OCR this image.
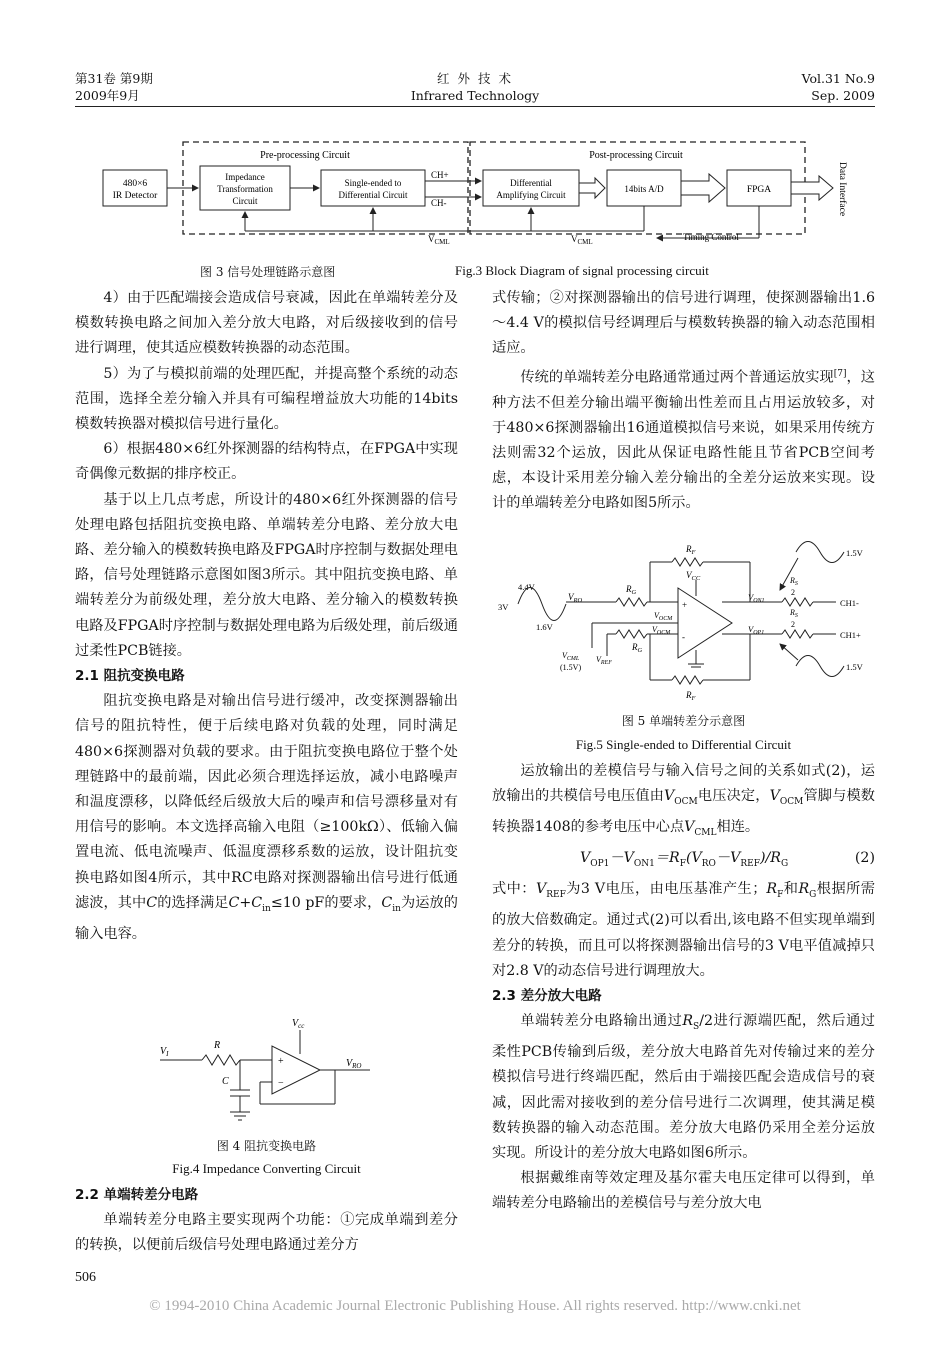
第31卷 第9期
2009年9月
红 外 技 术
Infrared Technology
Vol.31 No.9
Sep. 2009
Pre-processing Circuit	Post-processing Circuit
480×6
IR Detector
Impedance
Transformation
Circuit
Single-ended to
Differential Circuit
CH+
CH-
Differential
Amplifying Circuit
14bits A/D	FPGA	Data Interface
$V_{CML}$	$V_{CML}$	Timing Control
图 3 信号处理链路示意图	Fig.3 Block Diagram of signal processing circuit

4）由于匹配端接会造成信号衰减，因此在单端转差分及模数转换电路之间加入差分放大电路，对后级接收到的信号进行调理，使其适应模数转换器的动态范围。

5）为了与模拟前端的处理匹配，并提高整个系统的动态范围，选择全差分输入并具有可编程增益放大功能的14bits模数转换器对模拟信号进行量化。

6）根据480×6红外探测器的结构特点，在FPGA中实现奇偶像元数据的排序校正。

基于以上几点考虑，所设计的480×6红外探测器的信号处理电路包括阻抗变换电路、单端转差分电路、差分放大电路、差分输入的模数转换电路及FPGA时序控制与数据处理电路，信号处理链路示意图如图3所示。其中阻抗变换电路、单端转差分为前级处理，差分放大电路、差分输入的模数转换电路及FPGA时序控制与数据处理电路为后级处理，前后级通过柔性PCB链接。

2.1 阻抗变换电路

阻抗变换电路是对输出信号进行缓冲，改变探测器输出信号的阻抗特性，便于后续电路对负载的处理，同时满足480×6探测器对负载的要求。由于阻抗变换电路位于整个处理链路中的最前端，因此必须合理选择运放，减小电路噪声和温度漂移，以降低经后级放大后的噪声和信号漂移量对有用信号的影响。本文选择高输入电阻（≥100kΩ）、低输入偏置电流、低电流噪声、低温度漂移系数的运放，设计阻抗变换电路如图4所示，其中RC电路对探测器输出信号进行低通滤波，其中C的选择满足$C+C_{in}\le 10$ pF的要求，$C_{in}$为运放的输入电容。

$V_{cc}$
$V_I$
R
C
+
−
$V_{RO}$
图 4 阻抗变换电路
Fig.4 Impedance Converting Circuit

2.2 单端转差分电路

单端转差分电路主要实现两个功能：①完成单端到差分的转换，以便前后级信号处理电路通过差分方

式传输；②对探测器输出的信号进行调理，使探测器输出1.6～4.4 V的模拟信号经调理后与模数转换器的输入动态范围相适应。

传统的单端转差分电路通常通过两个普通运放实现[7]，这种方法不但差分输出端平衡输出性差而且占用运放较多，对于480×6探测器输出16通道模拟信号来说，如果采用传统方法则需32个运放，因此从保证电路性能且节省PCB空间考虑，本设计采用差分输入差分输出的全差分运放来实现。设计的单端转差分电路如图5所示。

$R_F$
$V_{CC}$
4.4V
3V
1.6V
$V_{RO}$
$R_G$
+
-
$V_{OCM}$
$V_{CML}$
(1.5V)
$V_{OCM}$
$R_G$
$V_{REF}$
$R_F$
$V_{ON1}$
$V_{OP1}$
$R_S$
2
$R_S$
2
CH1-
CH1+
1.5V
1.5V
图 5 单端转差分示意图
Fig.5 Single-ended to Differential Circuit

运放输出的差模信号与输入信号之间的关系如式(2)，运放输出的共模信号电压值由$V_{OCM}$电压决定，$V_{OCM}$管脚与模数转换器1408的参考电压中心点$V_{CML}$相连。

$V_{OP1}-V_{ON1}=R_F(V_{RO}-V_{REF})/R_G$	(2)

式中：$V_{REF}$为3 V电压，由电压基准产生；$R_F$和$R_G$根据所需的放大倍数确定。通过式(2)可以看出,该电路不但实现单端到差分的转换，而且可以将探测器输出信号的3 V电平值减掉只对2.8 V的动态信号进行调理放大。

2.3 差分放大电路

单端转差分电路输出通过$R_S/2$进行源端匹配，然后通过柔性PCB传输到后级，差分放大电路首先对传输过来的差分模拟信号进行终端匹配，然后由于端接匹配会造成信号的衰减，因此需对接收到的差分信号进行二次调理，使其满足模数转换器的输入动态范围。差分放大电路仍采用全差分运放实现。所设计的差分放大电路如图6所示。

根据戴维南等效定理及基尔霍夫电压定律可以得到，单端转差分电路输出的差模信号与差分放大电

506
© 1994-2010 China Academic Journal Electronic Publishing House. All rights reserved. http://www.cnki.net
